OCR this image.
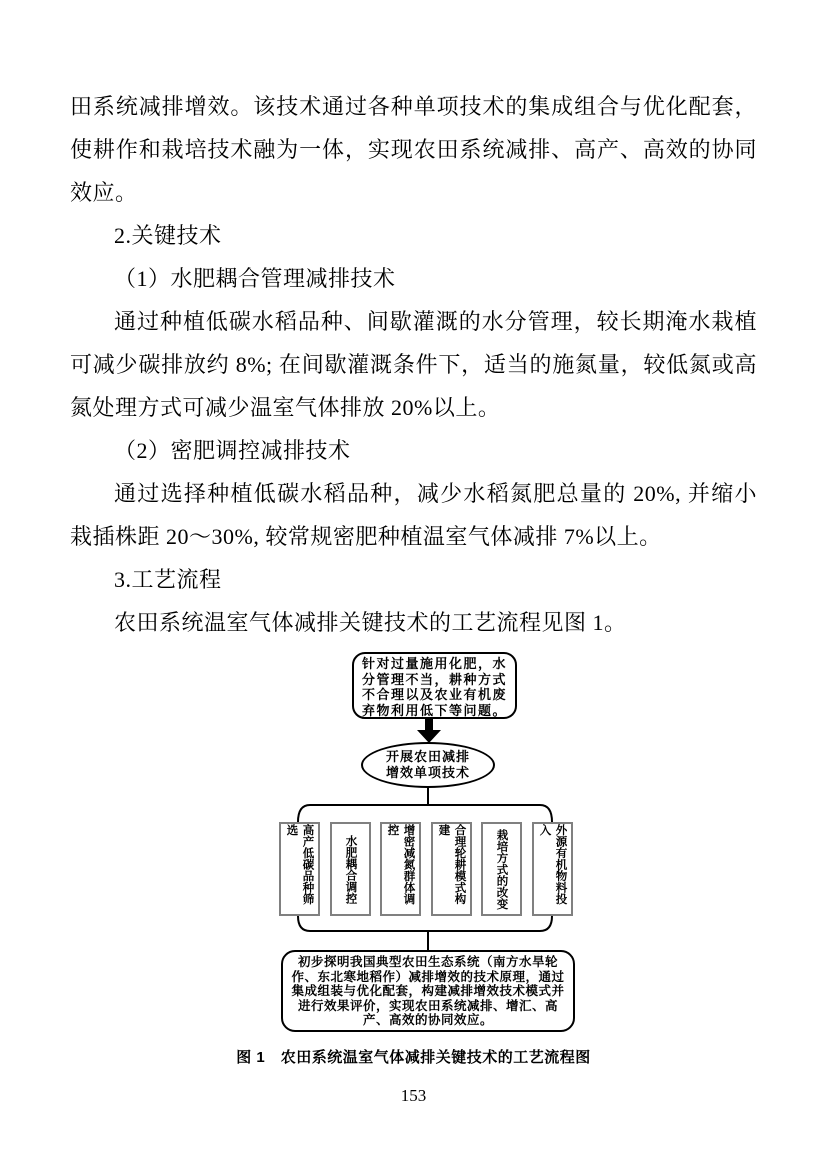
田系统减排增效。该技术通过各种单项技术的集成组合与优化配套，使耕作和栽培技术融为一体，实现农田系统减排、高产、高效的协同效应。

2.关键技术

（1）水肥耦合管理减排技术

通过种植低碳水稻品种、间歇灌溉的水分管理，较长期淹水栽植可减少碳排放约 8%; 在间歇灌溉条件下，适当的施氮量，较低氮或高氮处理方式可减少温室气体排放 20%以上。

（2）密肥调控减排技术

通过选择种植低碳水稻品种，减少水稻氮肥总量的 20%, 并缩小栽插株距 20～30%, 较常规密肥种植温室气体减排 7%以上。

3.工艺流程

农田系统温室气体减排关键技术的工艺流程见图 1。

针对过量施用化肥，水分管理不当，耕种方式不合理以及农业有机废弃物利用低下等问题。
开展农田减排
增效单项技术
高产低碳品种筛选
水肥耦合调控	增密减氮群体调控	合理轮耕模式构建	栽培方式的改变	外源有机物料投入
初步探明我国典型农田生态系统（南方水旱轮作、东北寒地稻作）减排增效的技术原理，通过集成组装与优化配套，构建减排增效技术模式并进行效果评价，实现农田系统减排、增汇、高产、高效的协同效应。
图 1　农田系统温室气体减排关键技术的工艺流程图
153
